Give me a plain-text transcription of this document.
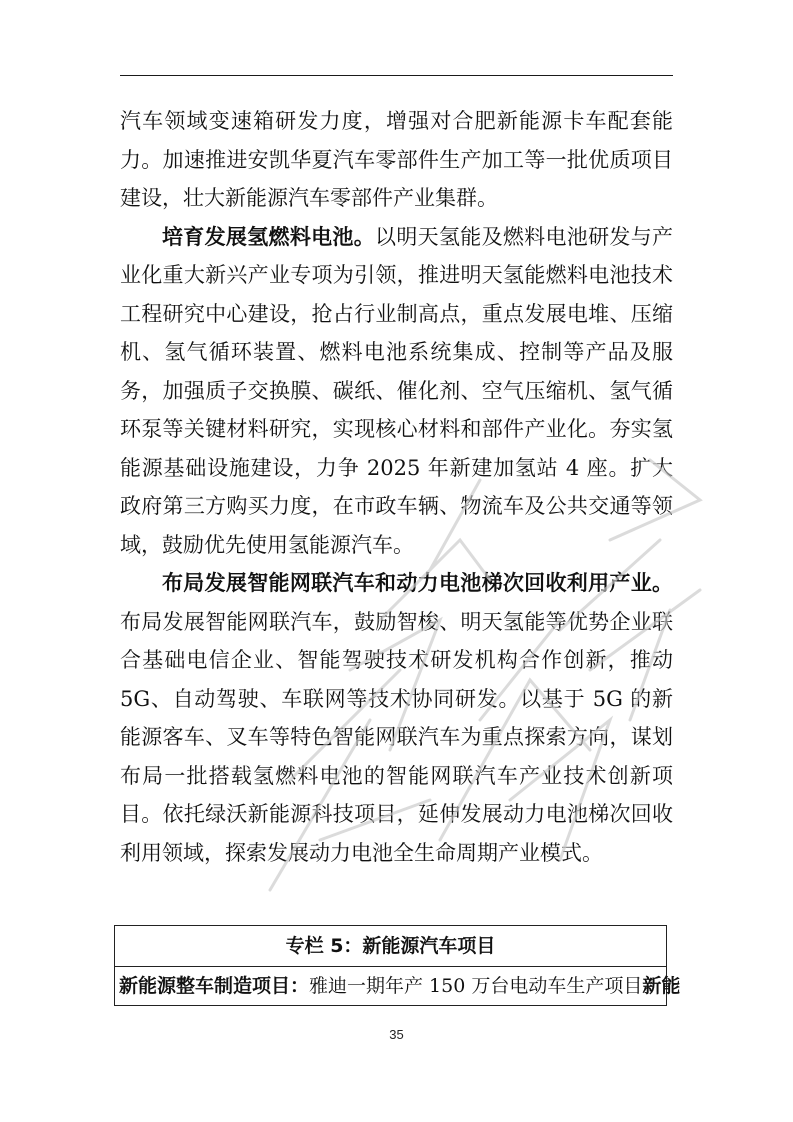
汽车领域变速箱研发力度，增强对合肥新能源卡车配套能力。加速推进安凯华夏汽车零部件生产加工等一批优质项目建设，壮大新能源汽车零部件产业集群。

培育发展氢燃料电池。以明天氢能及燃料电池研发与产业化重大新兴产业专项为引领，推进明天氢能燃料电池技术工程研究中心建设，抢占行业制高点，重点发展电堆、压缩机、氢气循环装置、燃料电池系统集成、控制等产品及服务，加强质子交换膜、碳纸、催化剂、空气压缩机、氢气循环泵等关键材料研究，实现核心材料和部件产业化。夯实氢能源基础设施建设，力争 2025 年新建加氢站 4 座。扩大政府第三方购买力度，在市政车辆、物流车及公共交通等领域，鼓励优先使用氢能源汽车。

布局发展智能网联汽车和动力电池梯次回收利用产业。布局发展智能网联汽车，鼓励智梭、明天氢能等优势企业联合基础电信企业、智能驾驶技术研发机构合作创新，推动 5G、自动驾驶、车联网等技术协同研发。以基于 5G 的新能源客车、叉车等特色智能网联汽车为重点探索方向，谋划布局一批搭载氢燃料电池的智能网联汽车产业技术创新项目。依托绿沃新能源科技项目，延伸发展动力电池梯次回收利用领域，探索发展动力电池全生命周期产业模式。

专栏 5：新能源汽车项目
新能源整车制造项目：雅迪一期年产 150 万台电动车生产项目新能
35
